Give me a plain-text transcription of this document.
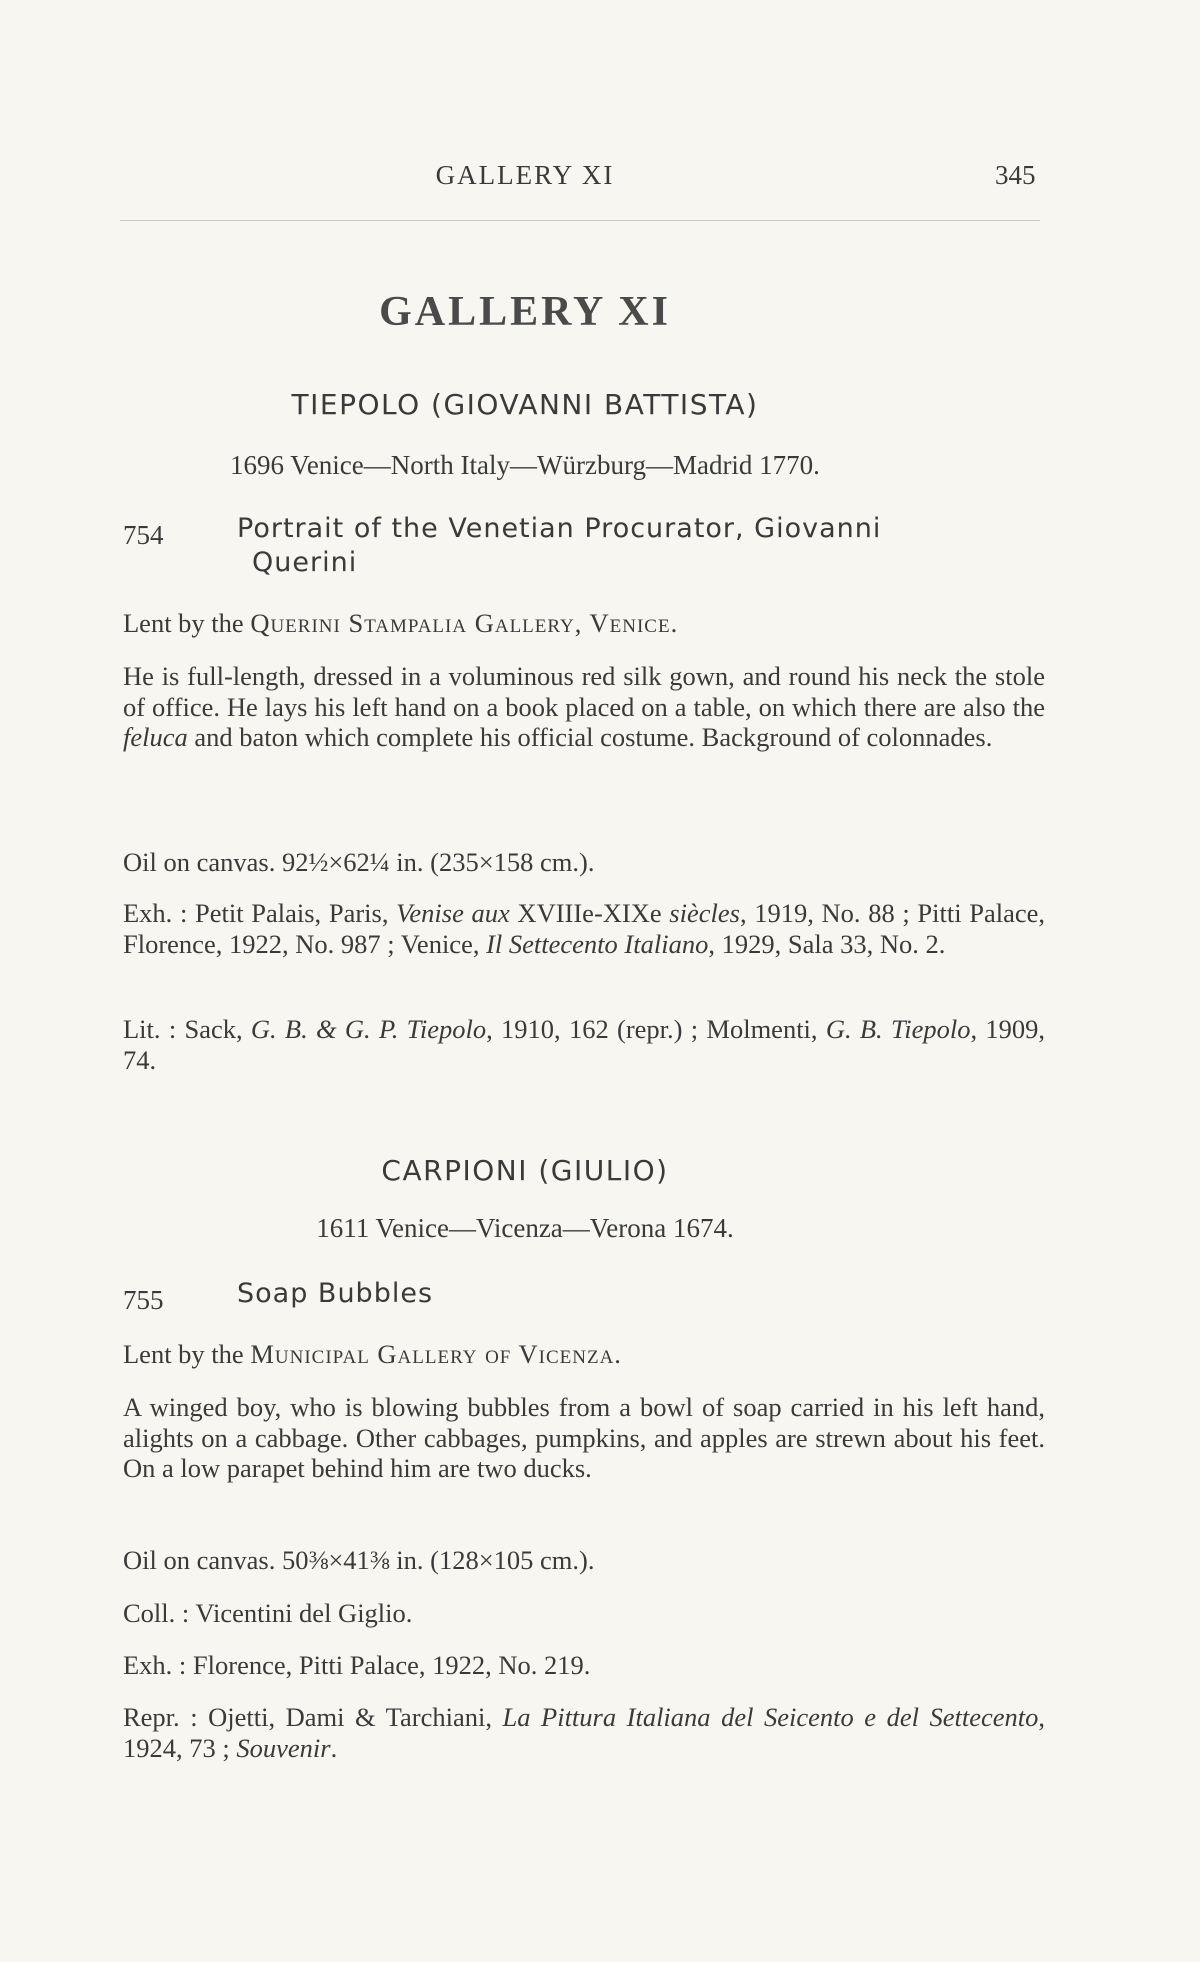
GALLERY XI	345
GALLERY XI
TIEPOLO (GIOVANNI BATTISTA)
1696 Venice—North Italy—Würzburg—Madrid 1770.
754	Portrait of the Venetian Procurator, Giovanni
Querini
Lent by the Querini Stampalia Gallery, Venice.
He is full-length, dressed in a voluminous red silk gown, and round his neck the stole of office. He lays his left hand on a book placed on a table, on which there are also the feluca and baton which complete his official costume. Background of colonnades.
Oil on canvas. 92½×62¼ in. (235×158 cm.).
Exh. : Petit Palais, Paris, Venise aux XVIIIe-XIXe siècles, 1919, No. 88 ; Pitti Palace, Florence, 1922, No. 987 ; Venice, Il Settecento Italiano, 1929, Sala 33, No. 2.
Lit. : Sack, G. B. & G. P. Tiepolo, 1910, 162 (repr.) ; Molmenti, G. B. Tiepolo, 1909, 74.
CARPIONI (GIULIO)
1611 Venice—Vicenza—Verona 1674.
755	Soap Bubbles
Lent by the Municipal Gallery of Vicenza.
A winged boy, who is blowing bubbles from a bowl of soap carried in his left hand, alights on a cabbage. Other cabbages, pumpkins, and apples are strewn about his feet. On a low parapet behind him are two ducks.
Oil on canvas. 50⅜×41⅜ in. (128×105 cm.).
Coll. : Vicentini del Giglio.
Exh. : Florence, Pitti Palace, 1922, No. 219.
Repr. : Ojetti, Dami & Tarchiani, La Pittura Italiana del Seicento e del Settecento, 1924, 73 ; Souvenir.
